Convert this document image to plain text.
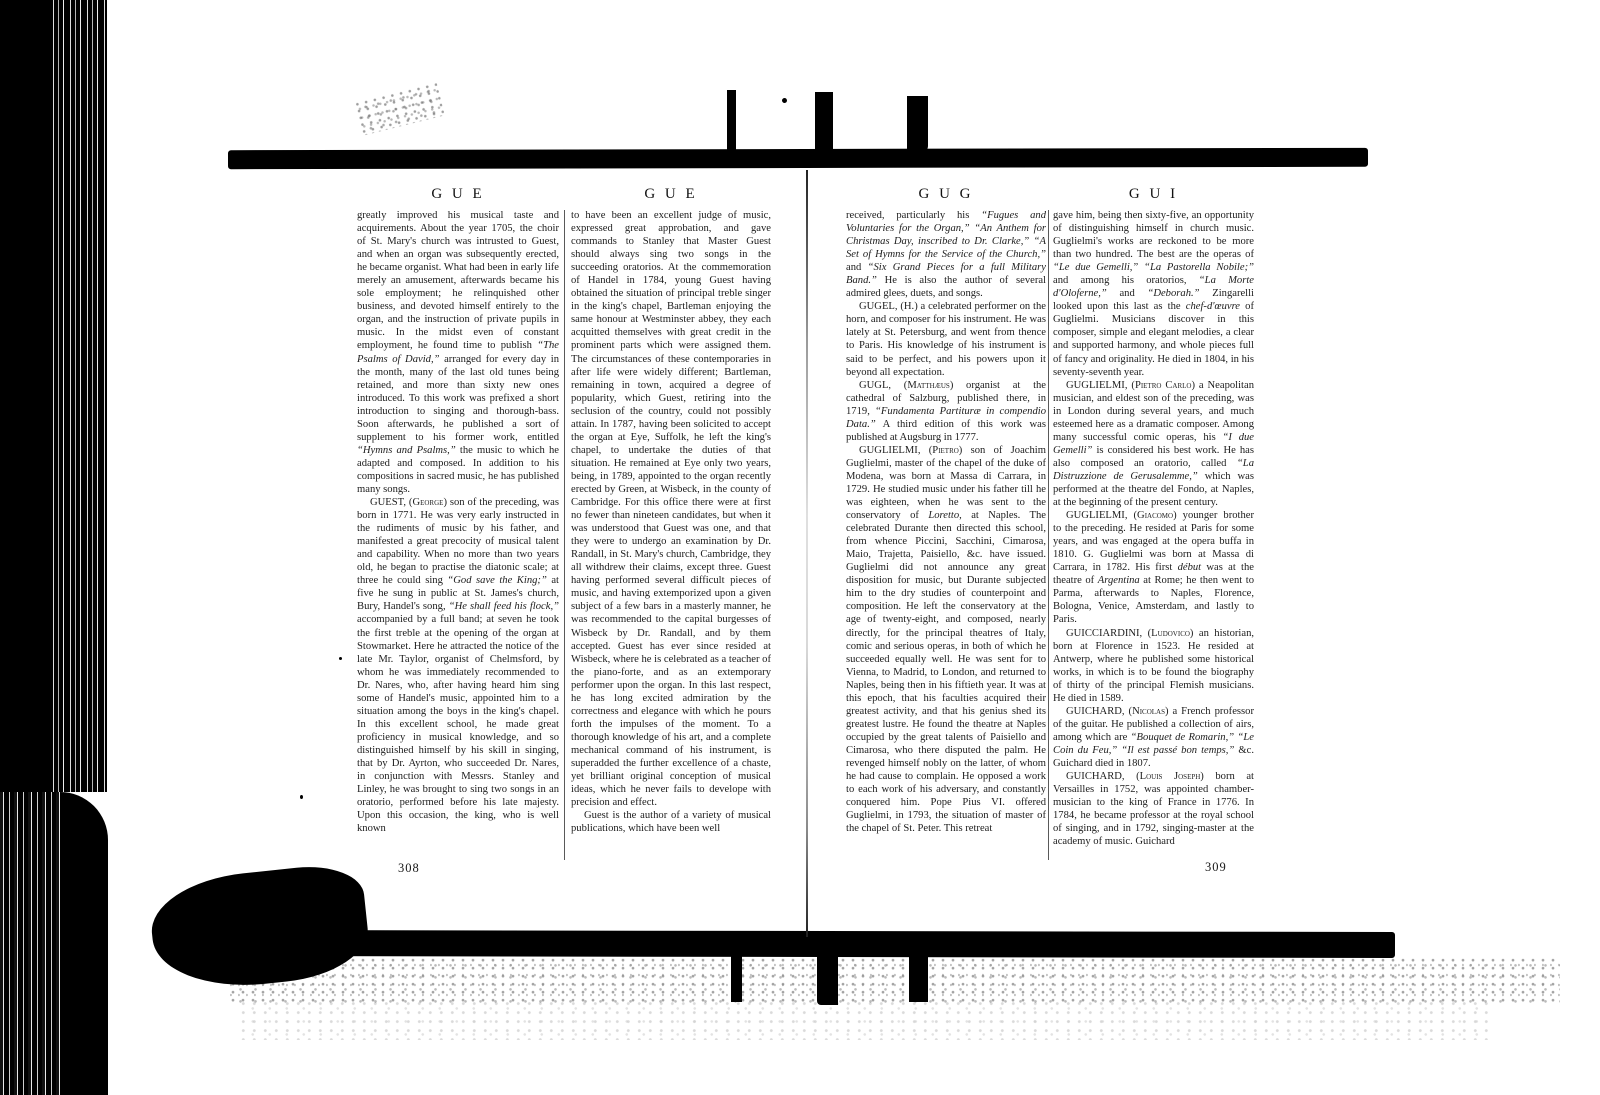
G U E

greatly improved his musical taste and acquirements. About the year 1705, the choir of St. Mary's church was intrusted to Guest, and when an organ was subsequently erected, he became organist. What had been in early life merely an amusement, afterwards became his sole employment; he relinquished other business, and devoted himself entirely to the organ, and the instruction of private pupils in music. In the midst even of constant employment, he found time to publish “The Psalms of David,” arranged for every day in the month, many of the last old tunes being retained, and more than sixty new ones introduced. To this work was prefixed a short introduction to singing and thorough-bass. Soon afterwards, he published a sort of supplement to his former work, entitled “Hymns and Psalms,” the music to which he adapted and composed. In addition to his compositions in sacred music, he has published many songs.

GUEST, (George) son of the preceding, was born in 1771. He was very early instructed in the rudiments of music by his father, and manifested a great precocity of musical talent and capability. When no more than two years old, he began to practise the diatonic scale; at three he could sing “God save the King;” at five he sung in public at St. James's church, Bury, Handel's song, “He shall feed his flock,” accompanied by a full band; at seven he took the first treble at the opening of the organ at Stowmarket. Here he attracted the notice of the late Mr. Taylor, organist of Chelmsford, by whom he was immediately recommended to Dr. Nares, who, after having heard him sing some of Handel's music, appointed him to a situation among the boys in the king's chapel. In this excellent school, he made great proficiency in musical knowledge, and so distinguished himself by his skill in singing, that by Dr. Ayrton, who succeeded Dr. Nares, in conjunction with Messrs. Stanley and Linley, he was brought to sing two songs in an oratorio, performed before his late majesty. Upon this occasion, the king, who is well known

G U E

to have been an excellent judge of music, expressed great approbation, and gave commands to Stanley that Master Guest should always sing two songs in the succeeding oratorios. At the commemoration of Handel in 1784, young Guest having obtained the situation of principal treble singer in the king's chapel, Bartleman enjoying the same honour at Westminster abbey, they each acquitted themselves with great credit in the prominent parts which were assigned them. The circumstances of these contemporaries in after life were widely different; Bartleman, remaining in town, acquired a degree of popularity, which Guest, retiring into the seclusion of the country, could not possibly attain. In 1787, having been solicited to accept the organ at Eye, Suffolk, he left the king's chapel, to undertake the duties of that situation. He remained at Eye only two years, being, in 1789, appointed to the organ recently erected by Green, at Wisbeck, in the county of Cambridge. For this office there were at first no fewer than nineteen candidates, but when it was understood that Guest was one, and that they were to undergo an examination by Dr. Randall, in St. Mary's church, Cambridge, they all withdrew their claims, except three. Guest having performed several difficult pieces of music, and having extemporized upon a given subject of a few bars in a masterly manner, he was recommended to the capital burgesses of Wisbeck by Dr. Randall, and by them accepted. Guest has ever since resided at Wisbeck, where he is celebrated as a teacher of the piano-forte, and as an extemporary performer upon the organ. In this last respect, he has long excited admiration by the correctness and elegance with which he pours forth the impulses of the moment. To a thorough knowledge of his art, and a complete mechanical command of his instrument, is superadded the further excellence of a chaste, yet brilliant original conception of musical ideas, which he never fails to develope with precision and effect.

Guest is the author of a variety of musical publications, which have been well

G U G

received, particularly his “Fugues and Voluntaries for the Organ,” “An Anthem for Christmas Day, inscribed to Dr. Clarke,” “A Set of Hymns for the Service of the Church,” and “Six Grand Pieces for a full Military Band.” He is also the author of several admired glees, duets, and songs.

GUGEL, (H.) a celebrated performer on the horn, and composer for his instrument. He was lately at St. Petersburg, and went from thence to Paris. His knowledge of his instrument is said to be perfect, and his powers upon it beyond all expectation.

GUGL, (Matthæus) organist at the cathedral of Salzburg, published there, in 1719, “Fundamenta Partituræ in compendio Data.” A third edition of this work was published at Augsburg in 1777.

GUGLIELMI, (Pietro) son of Joachim Guglielmi, master of the chapel of the duke of Modena, was born at Massa di Carrara, in 1729. He studied music under his father till he was eighteen, when he was sent to the conservatory of Loretto, at Naples. The celebrated Durante then directed this school, from whence Piccini, Sacchini, Cimarosa, Maio, Trajetta, Paisiello, &c. have issued. Guglielmi did not announce any great disposition for music, but Durante subjected him to the dry studies of counterpoint and composition. He left the conservatory at the age of twenty-eight, and composed, nearly directly, for the principal theatres of Italy, comic and serious operas, in both of which he succeeded equally well. He was sent for to Vienna, to Madrid, to London, and returned to Naples, being then in his fiftieth year. It was at this epoch, that his faculties acquired their greatest activity, and that his genius shed its greatest lustre. He found the theatre at Naples occupied by the great talents of Paisiello and Cimarosa, who there disputed the palm. He revenged himself nobly on the latter, of whom he had cause to complain. He opposed a work to each work of his adversary, and constantly conquered him. Pope Pius VI. offered Guglielmi, in 1793, the situation of master of the chapel of St. Peter. This retreat

G U I

gave him, being then sixty-five, an opportunity of distinguishing himself in church music. Guglielmi's works are reckoned to be more than two hundred. The best are the operas of “Le due Gemelli,” “La Pastorella Nobile;” and among his oratorios, “La Morte d'Oloferne,” and “Deborah.” Zingarelli looked upon this last as the chef-d'œuvre of Guglielmi. Musicians discover in this composer, simple and elegant melodies, a clear and supported harmony, and whole pieces full of fancy and originality. He died in 1804, in his seventy-seventh year.

GUGLIELMI, (Pietro Carlo) a Neapolitan musician, and eldest son of the preceding, was in London during several years, and much esteemed here as a dramatic composer. Among many successful comic operas, his “I due Gemelli” is considered his best work. He has also composed an oratorio, called “La Distruzzione de Gerusalemme,” which was performed at the theatre del Fondo, at Naples, at the beginning of the present century.

GUGLIELMI, (Giacomo) younger brother to the preceding. He resided at Paris for some years, and was engaged at the opera buffa in 1810. G. Guglielmi was born at Massa di Carrara, in 1782. His first début was at the theatre of Argentina at Rome; he then went to Parma, afterwards to Naples, Florence, Bologna, Venice, Amsterdam, and lastly to Paris.

GUICCIARDINI, (Ludovico) an historian, born at Florence in 1523. He resided at Antwerp, where he published some historical works, in which is to be found the biography of thirty of the principal Flemish musicians. He died in 1589.

GUICHARD, (Nicolas) a French professor of the guitar. He published a collection of airs, among which are “Bouquet de Romarin,” “Le Coin du Feu,” “Il est passé bon temps,” &c. Guichard died in 1807.

GUICHARD, (Louis Joseph) born at Versailles in 1752, was appointed chamber-musician to the king of France in 1776. In 1784, he became professor at the royal school of singing, and in 1792, singing-master at the academy of music. Guichard

308	309
